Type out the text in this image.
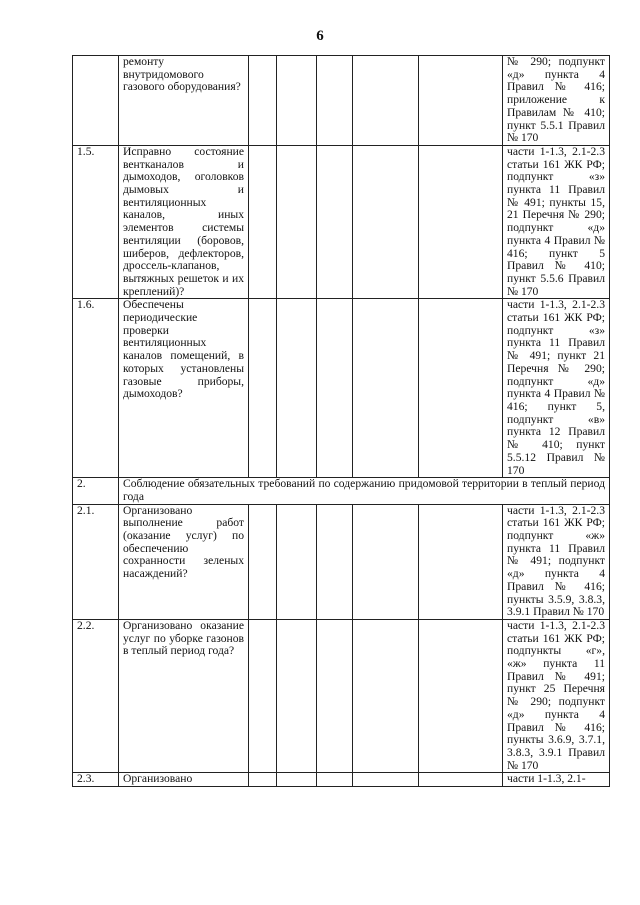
6
	ремонту внутридомового газового оборудования?						№ 290; подпункт «д» пункта 4 Правил № 416; приложение к Правилам № 410; пункт 5.5.1 Правил № 170
1.5.	Исправно состояние вентканалов и дымоходов, оголовков дымовых и вентиляционных каналов, иных элементов системы вентиляции (боровов, шиберов, дефлекторов, дроссель-клапанов, вытяжных решеток и их креплений)?						части 1-1.3, 2.1-2.3 статьи 161 ЖК РФ; подпункт «з» пункта 11 Правил № 491; пункты 15, 21 Перечня № 290; подпункт «д» пункта 4 Правил № 416; пункт 5 Правил № 410; пункт 5.5.6 Правил № 170
1.6.	Обеспечены периодические проверки вентиляционных каналов помещений, в которых установлены газовые приборы, дымоходов?						части 1-1.3, 2.1-2.3 статьи 161 ЖК РФ; подпункт «з» пункта 11 Правил № 491; пункт 21 Перечня № 290; подпункт «д» пункта 4 Правил № 416; пункт 5, подпункт «в» пункта 12 Правил № 410; пункт 5.5.12 Правил № 170
2.	Соблюдение обязательных требований по содержанию придомовой территории в теплый период года						
2.1.	Организовано выполнение работ (оказание услуг) по обеспечению сохранности зеленых насаждений?						части 1-1.3, 2.1-2.3 статьи 161 ЖК РФ; подпункт «ж» пункта 11 Правил № 491; подпункт «д» пункта 4 Правил № 416; пункты 3.5.9, 3.8.3, 3.9.1 Правил № 170
2.2.	Организовано оказание услуг по уборке газонов в теплый период года?						части 1-1.3, 2.1-2.3 статьи 161 ЖК РФ; подпункты «г», «ж» пункта 11 Правил № 491; пункт 25 Перечня № 290; подпункт «д» пункта 4 Правил № 416; пункты 3.6.9, 3.7.1, 3.8.3, 3.9.1 Правил № 170
2.3.	Организовано						части 1-1.3, 2.1-
